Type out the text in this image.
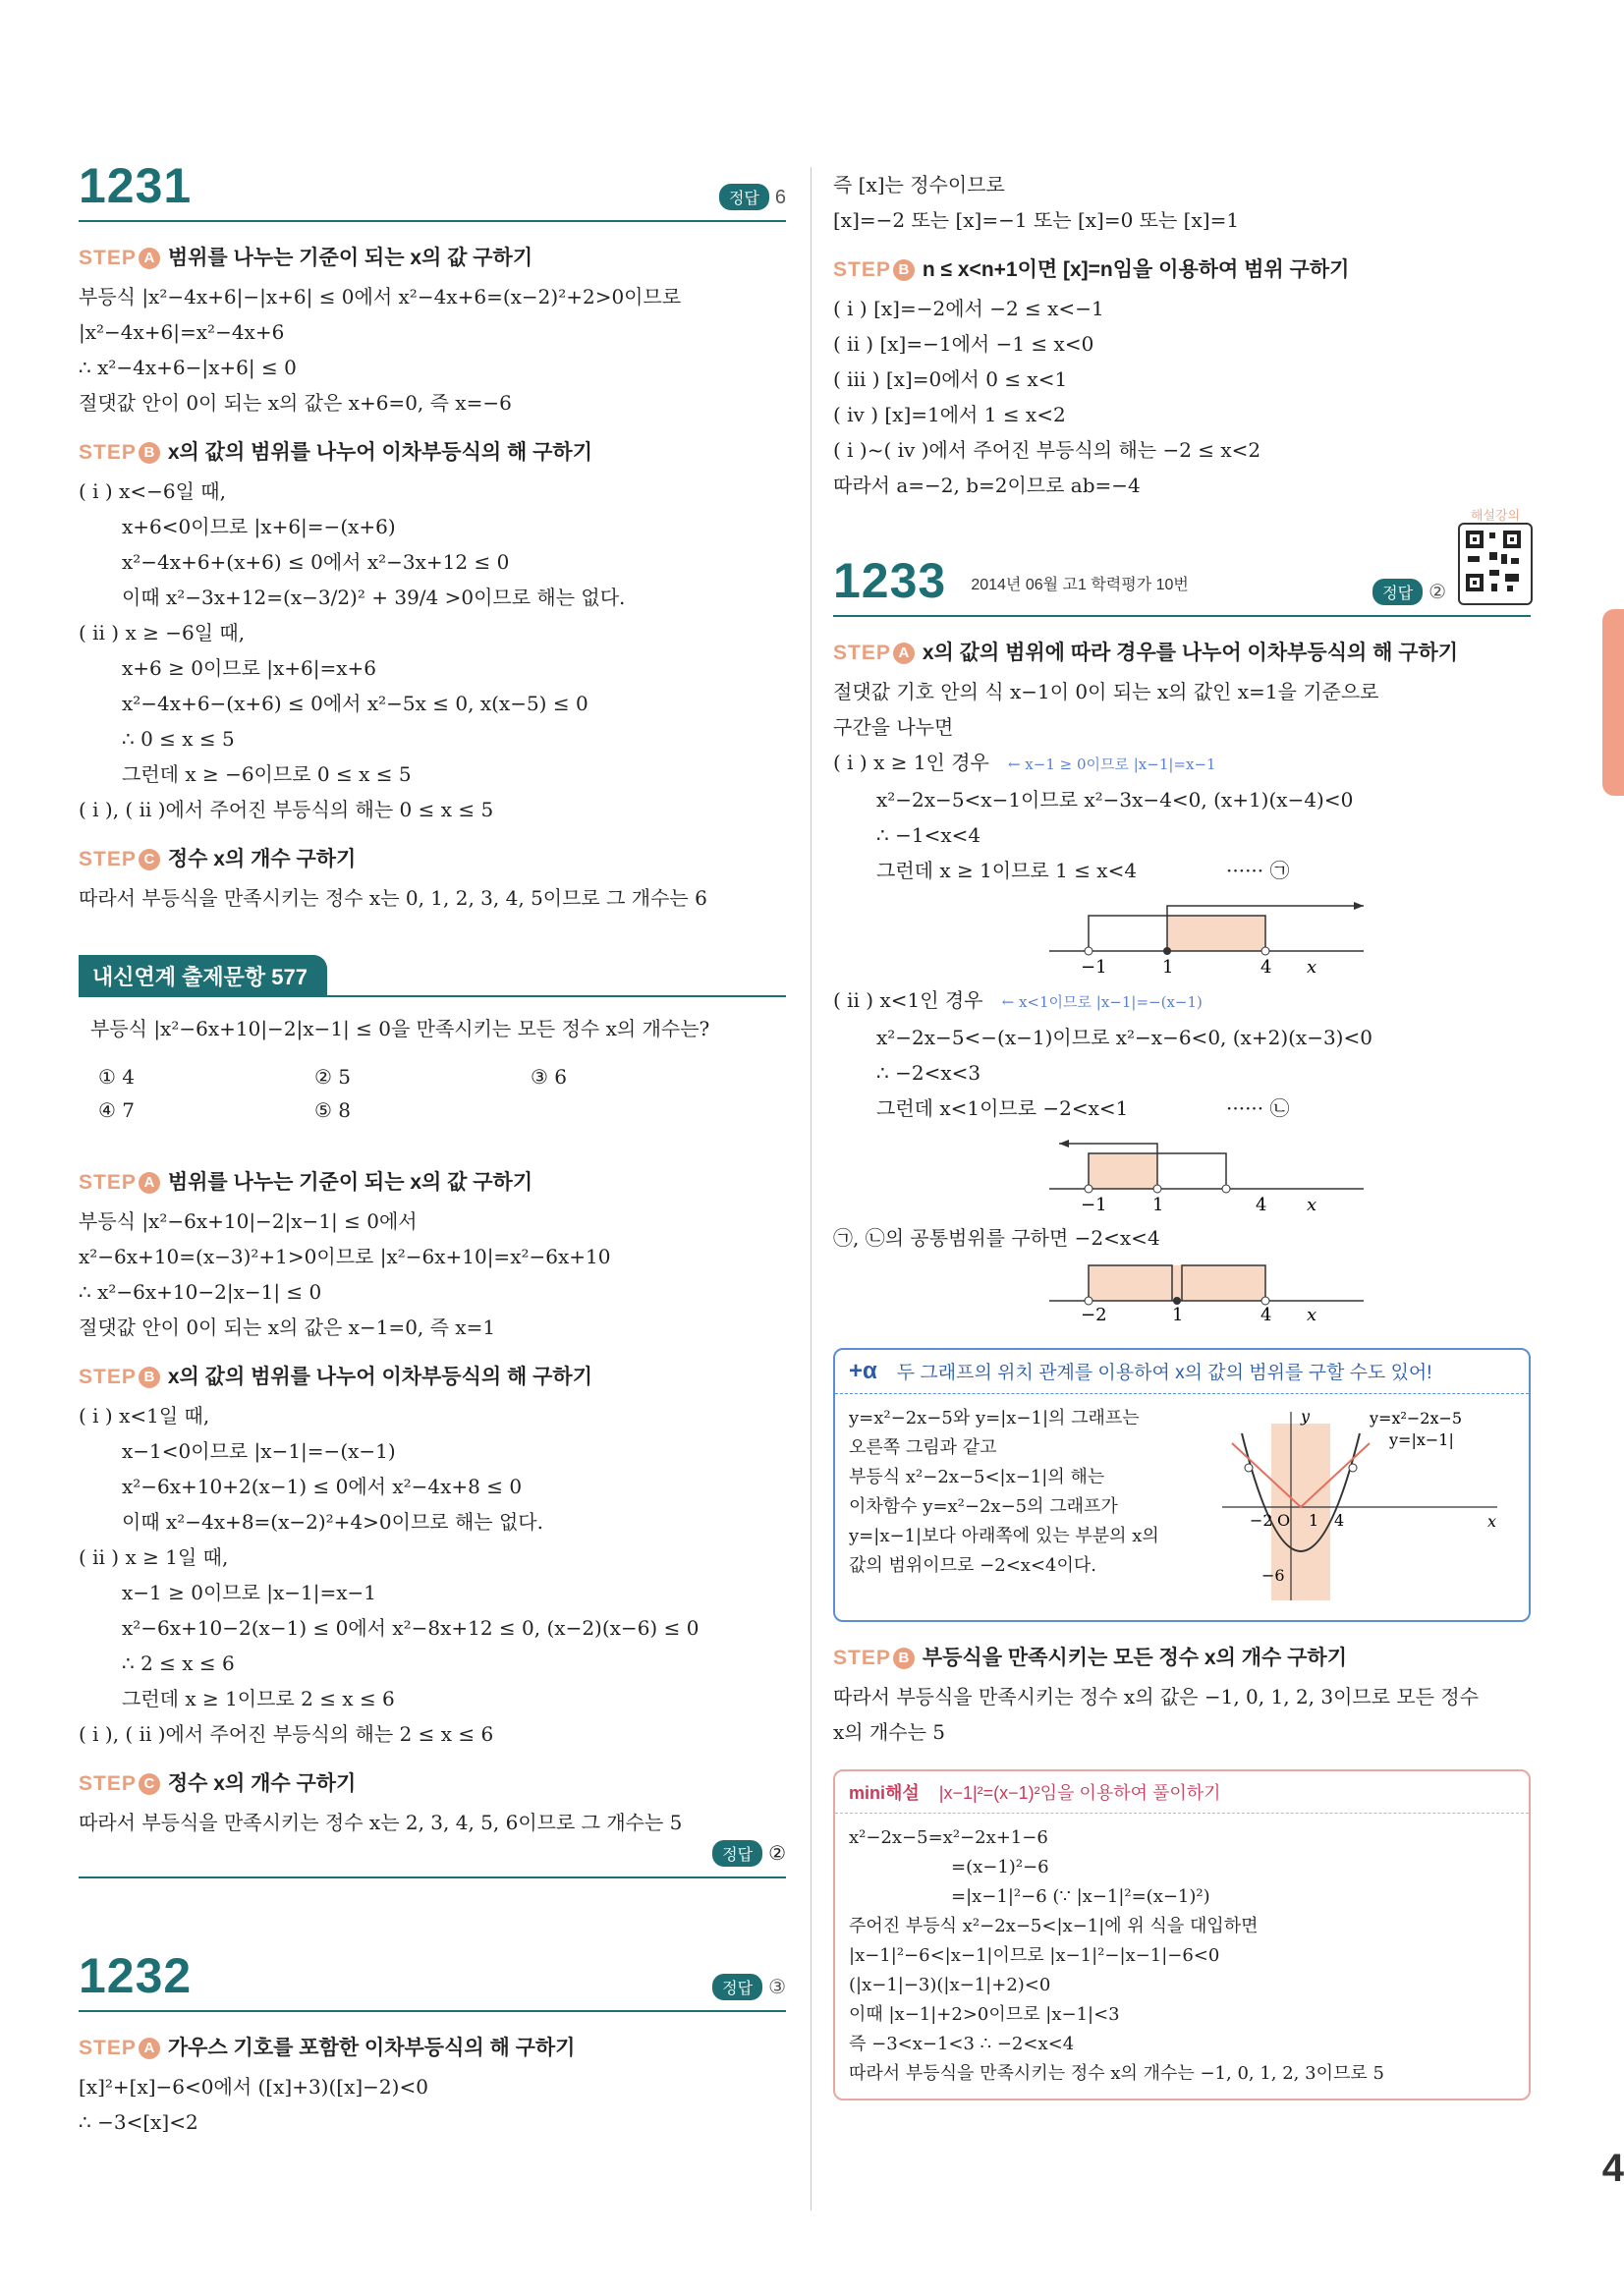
1231	정답 6
STEP A 범위를 나누는 기준이 되는 x의 값 구하기
부등식 |x²−4x+6|−|x+6| ≤ 0에서 x²−4x+6=(x−2)²+2>0이므로
|x²−4x+6|=x²−4x+6
∴ x²−4x+6−|x+6| ≤ 0
절댓값 안이 0이 되는 x의 값은 x+6=0, 즉 x=−6
STEP B x의 값의 범위를 나누어 이차부등식의 해 구하기
( i ) x<−6일 때,
x+6<0이므로 |x+6|=−(x+6)
x²−4x+6+(x+6) ≤ 0에서 x²−3x+12 ≤ 0
이때 x²−3x+12=(x−3/2)² + 39/4 >0이므로 해는 없다.
( ii ) x ≥ −6일 때,
x+6 ≥ 0이므로 |x+6|=x+6
x²−4x+6−(x+6) ≤ 0에서 x²−5x ≤ 0, x(x−5) ≤ 0
∴ 0 ≤ x ≤ 5
그런데 x ≥ −6이므로 0 ≤ x ≤ 5
( i ), ( ii )에서 주어진 부등식의 해는 0 ≤ x ≤ 5
STEP C 정수 x의 개수 구하기
따라서 부등식을 만족시키는 정수 x는 0, 1, 2, 3, 4, 5이므로 그 개수는 6
내신연계 출제문항 577
부등식 |x²−6x+10|−2|x−1| ≤ 0을 만족시키는 모든 정수 x의 개수는?
① 4	② 5	③ 6
④ 7	⑤ 8
STEP A 범위를 나누는 기준이 되는 x의 값 구하기
부등식 |x²−6x+10|−2|x−1| ≤ 0에서
x²−6x+10=(x−3)²+1>0이므로 |x²−6x+10|=x²−6x+10
∴ x²−6x+10−2|x−1| ≤ 0
절댓값 안이 0이 되는 x의 값은 x−1=0, 즉 x=1
STEP B x의 값의 범위를 나누어 이차부등식의 해 구하기
( i ) x<1일 때,
x−1<0이므로 |x−1|=−(x−1)
x²−6x+10+2(x−1) ≤ 0에서 x²−4x+8 ≤ 0
이때 x²−4x+8=(x−2)²+4>0이므로 해는 없다.
( ii ) x ≥ 1일 때,
x−1 ≥ 0이므로 |x−1|=x−1
x²−6x+10−2(x−1) ≤ 0에서 x²−8x+12 ≤ 0, (x−2)(x−6) ≤ 0
∴ 2 ≤ x ≤ 6
그런데 x ≥ 1이므로 2 ≤ x ≤ 6
( i ), ( ii )에서 주어진 부등식의 해는 2 ≤ x ≤ 6
STEP C 정수 x의 개수 구하기
따라서 부등식을 만족시키는 정수 x는 2, 3, 4, 5, 6이므로 그 개수는 5
정답 ②
1232	정답 ③
STEP A 가우스 기호를 포함한 이차부등식의 해 구하기
[x]²+[x]−6<0에서 ([x]+3)([x]−2)<0
∴ −3<[x]<2
즉 [x]는 정수이므로
[x]=−2 또는 [x]=−1 또는 [x]=0 또는 [x]=1
STEP B n ≤ x<n+1이면 [x]=n임을 이용하여 범위 구하기
( i ) [x]=−2에서 −2 ≤ x<−1
( ii ) [x]=−1에서 −1 ≤ x<0
( iii ) [x]=0에서 0 ≤ x<1
( iv ) [x]=1에서 1 ≤ x<2
( i )~( iv )에서 주어진 부등식의 해는 −2 ≤ x<2
따라서 a=−2, b=2이므로 ab=−4
1233 2014년 06월 고1 학력평가 10번
정답 ②
해설강의
STEP A x의 값의 범위에 따라 경우를 나누어 이차부등식의 해 구하기
절댓값 기호 안의 식 x−1이 0이 되는 x의 값인 x=1을 기준으로
구간을 나누면
( i ) x ≥ 1인 경우 ← x−1 ≥ 0이므로 |x−1|=x−1
x²−2x−5<x−1이므로 x²−3x−4<0, (x+1)(x−4)<0
∴ −1<x<4
그런데 x ≥ 1이므로 1 ≤ x<4	······ ㉠
−1	1	4 x
( ii ) x<1인 경우 ← x<1이므로 |x−1|=−(x−1)
x²−2x−5<−(x−1)이므로 x²−x−6<0, (x+2)(x−3)<0
∴ −2<x<3
그런데 x<1이므로 −2<x<1	······ ㉡
−1	1	4 x
㉠, ㉡의 공통범위를 구하면 −2<x<4
−2	1	4 x
+α 두 그래프의 위치 관계를 이용하여 x의 값의 범위를 구할 수도 있어!
y=x²−2x−5와 y=|x−1|의 그래프는
오른쪽 그림과 같고
부등식 x²−2x−5<|x−1|의 해는
이차함수 y=x²−2x−5의 그래프가
y=|x−1|보다 아래쪽에 있는 부분의 x의
값의 범위이므로 −2<x<4이다.
y
x
y=x²−2x−5
y=|x−1|
−2 O 1 4
−6
STEP B 부등식을 만족시키는 모든 정수 x의 개수 구하기
따라서 부등식을 만족시키는 정수 x의 값은 −1, 0, 1, 2, 3이므로 모든 정수
x의 개수는 5
mini해설 |x−1|²=(x−1)²임을 이용하여 풀이하기
x²−2x−5=x²−2x+1−6
=(x−1)²−6
=|x−1|²−6 (∵ |x−1|²=(x−1)²)
주어진 부등식 x²−2x−5<|x−1|에 위 식을 대입하면
|x−1|²−6<|x−1|이므로 |x−1|²−|x−1|−6<0
(|x−1|−3)(|x−1|+2)<0
이때 |x−1|+2>0이므로 |x−1|<3
즉 −3<x−1<3 ∴ −2<x<4
따라서 부등식을 만족시키는 정수 x의 개수는 −1, 0, 1, 2, 3이므로 5
4
